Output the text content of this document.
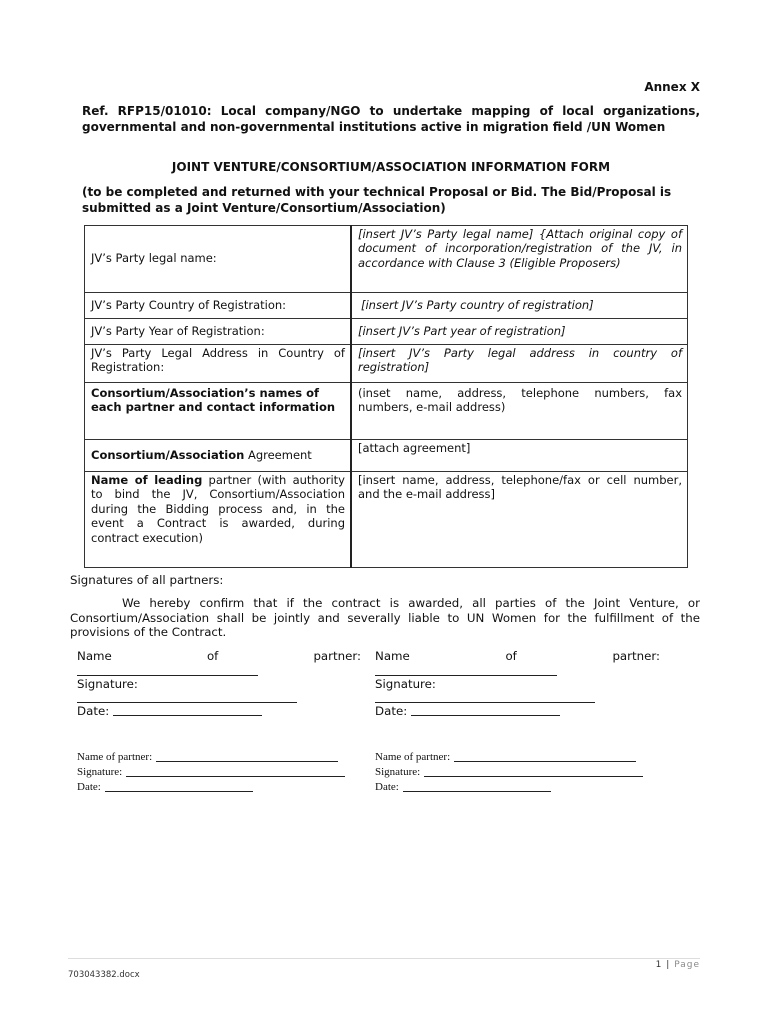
Annex X
Ref. RFP15/01010: Local company/NGO to undertake mapping of local organizations, governmental and non-governmental institutions active in migration field /UN Women
JOINT VENTURE/CONSORTIUM/ASSOCIATION INFORMATION FORM
(to be completed and returned with your technical Proposal or Bid. The Bid/Proposal is submitted as a Joint Venture/Consortium/Association)
JV’s Party legal name:	[insert JV’s Party legal name] {Attach original copy of document of incorporation/registration of the JV, in accordance with Clause 3 (Eligible Proposers)
JV’s Party Country of Registration:	[insert JV’s Party country of registration]
JV’s Party Year of Registration:	[insert JV’s Part year of registration]
JV’s Party Legal Address in Country of Registration:	[insert JV’s Party legal address in country of registration]
Consortium/Association’s names of each partner and contact information	(inset name, address, telephone numbers, fax numbers, e-mail address)
Consortium/Association Agreement	[attach agreement]
Name of leading partner (with authority to bind the JV, Consortium/Association during the Bidding process and, in the event a Contract is awarded, during contract execution)	[insert name, address, telephone/fax or cell number, and the e-mail address]
Signatures of all partners:
We hereby confirm that if the contract is awarded, all parties of the Joint Venture, or Consortium/Association shall be jointly and severally liable to UN Women for the fulfillment of the provisions of the Contract.
Name	of	partner:
Signature:
Date:
Name	of	partner:
Signature:
Date:
Name of partner:
Signature:
Date:
Name of partner:
Signature:
Date:
1 | Page
703043382.docx
